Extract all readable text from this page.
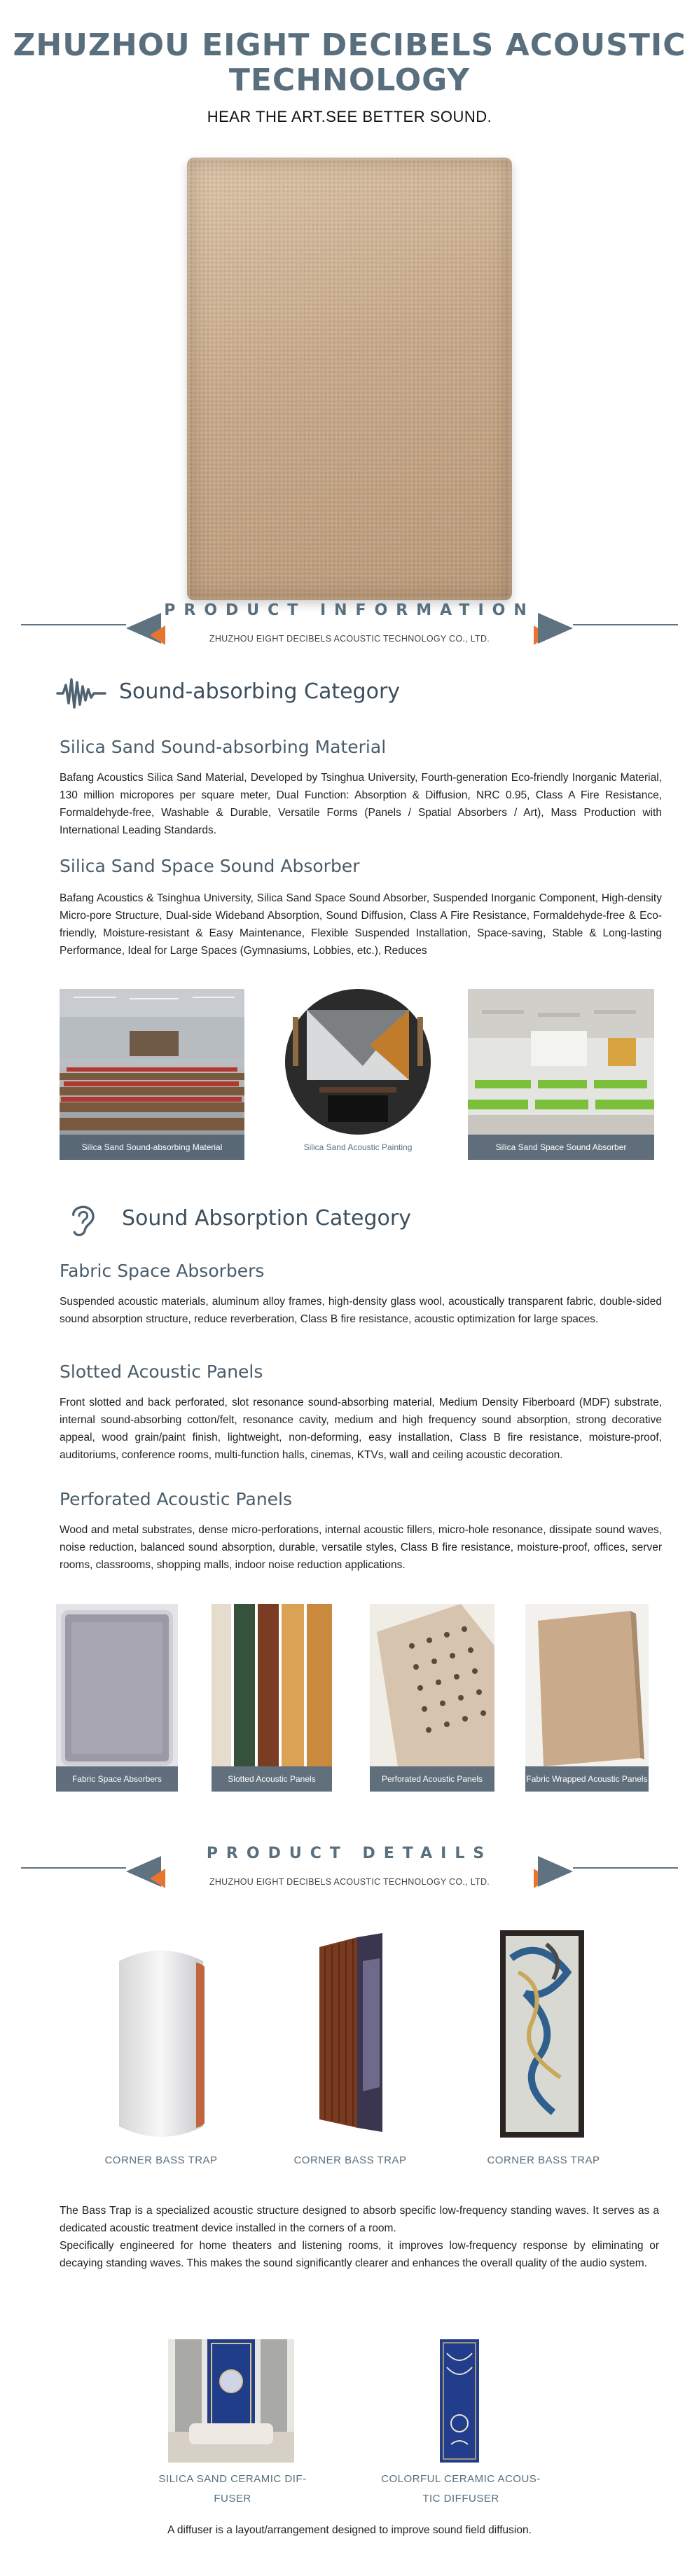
ZHUZHOU EIGHT DECIBELS ACOUSTIC
TECHNOLOGY
HEAR THE ART.SEE BETTER SOUND.
PRODUCT INFORMATION
ZHUZHOU EIGHT DECIBELS ACOUSTIC TECHNOLOGY CO., LTD.
Sound-absorbing Category
Silica Sand Sound-absorbing Material
Bafang Acoustics Silica Sand Material, Developed by Tsinghua University, Fourth-generation Eco-friendly Inorganic Material, 130 million micropores per square meter, Dual Function: Absorption & Diffusion, NRC 0.95, Class A Fire Resistance, Formaldehyde-free, Washable & Durable, Versatile Forms (Panels / Spatial Absorbers / Art), Mass Production with International Leading Standards.
Silica Sand Space Sound Absorber
Bafang Acoustics & Tsinghua University, Silica Sand Space Sound Absorber, Suspended Inorganic Component, High-density Micro-pore Structure, Dual-side Wideband Absorption, Sound Diffusion, Class A Fire Resistance, Formaldehyde-free & Eco-friendly, Moisture-resistant & Easy Maintenance, Flexible Suspended Installation, Space-saving, Stable & Long-lasting Performance, Ideal for Large Spaces (Gymnasiums, Lobbies, etc.), Reduces
Silica Sand Sound-absorbing Material	Silica Sand Acoustic Painting	Silica Sand Space Sound Absorber
Sound Absorption Category
Fabric Space Absorbers
Suspended acoustic materials, aluminum alloy frames, high-density glass wool, acoustically transparent fabric, double-sided sound absorption structure, reduce reverberation, Class B fire resistance, acoustic optimization for large spaces.
Slotted Acoustic Panels
Front slotted and back perforated, slot resonance sound-absorbing material, Medium Density Fiberboard (MDF) substrate, internal sound-absorbing cotton/felt, resonance cavity, medium and high frequency sound absorption, strong decorative appeal, wood grain/paint finish, lightweight, non-deforming, easy installation, Class B fire resistance, moisture-proof, auditoriums, conference rooms, multi-function halls, cinemas, KTVs, wall and ceiling acoustic decoration.
Perforated Acoustic Panels
Wood and metal substrates, dense micro-perforations, internal acoustic fillers, micro-hole resonance, dissipate sound waves, noise reduction, balanced sound absorption, durable, versatile styles, Class B fire resistance, moisture-proof, offices, server rooms, classrooms, shopping malls, indoor noise reduction applications.
Fabric Space Absorbers	Slotted Acoustic Panels	Perforated Acoustic Panels	Fabric Wrapped Acoustic Panels
PRODUCT DETAILS
ZHUZHOU EIGHT DECIBELS ACOUSTIC TECHNOLOGY CO., LTD.
CORNER BASS TRAP	CORNER BASS TRAP	CORNER BASS TRAP
The Bass Trap is a specialized acoustic structure designed to absorb specific low-frequency standing waves. It serves as a dedicated acoustic treatment device installed in the corners of a room.
Specifically engineered for home theaters and listening rooms, it improves low-frequency response by eliminating or decaying standing waves. This makes the sound significantly clearer and enhances the overall quality of the audio system.
SILICA SAND CERAMIC DIF-
FUSER
COLORFUL CERAMIC ACOUS-
TIC DIFFUSER
A diffuser is a layout/arrangement designed to improve sound field diffusion.
